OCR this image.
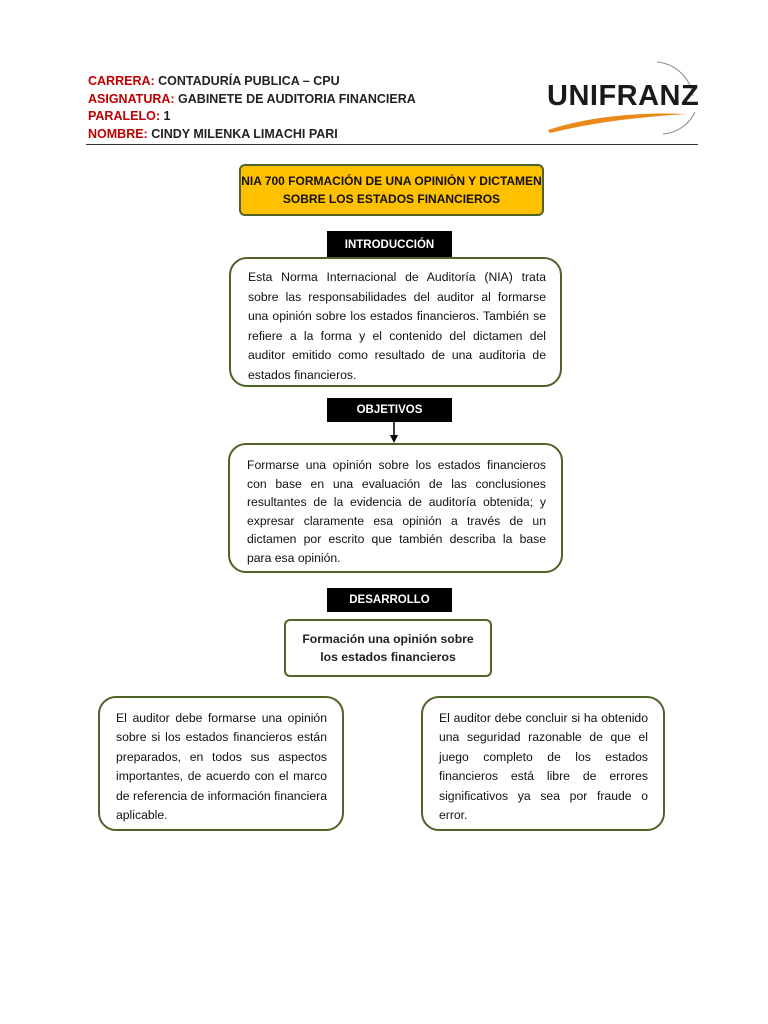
CARRERA: CONTADURÍA PUBLICA – CPU
ASIGNATURA: GABINETE DE AUDITORIA FINANCIERA
PARALELO: 1
NOMBRE: CINDY MILENKA LIMACHI PARI
UNIFRANZ
NIA 700 FORMACIÓN DE UNA OPINIÓN Y DICTAMEN SOBRE LOS ESTADOS FINANCIEROS
INTRODUCCIÓN

Esta Norma Internacional de Auditoría (NIA) trata sobre las responsabilidades del auditor al formarse una opinión sobre los estados financieros. También se refiere a la forma y el contenido del dictamen del auditor emitido como resultado de una auditoria de estados financieros.

OBJETIVOS

Formarse una opinión sobre los estados financieros con base en una evaluación de las conclusiones resultantes de la evidencia de auditoría obtenida; y expresar claramente esa opinión a través de un dictamen por escrito que también describa la base para esa opinión.

DESARROLLO
Formación una opinión sobre los estados financieros

El auditor debe formarse una opinión sobre si los estados financieros están preparados, en todos sus aspectos importantes, de acuerdo con el marco de referencia de información financiera aplicable.

El auditor debe concluir si ha obtenido una seguridad razonable de que el juego completo de los estados financieros está libre de errores significativos ya sea por fraude o error.
